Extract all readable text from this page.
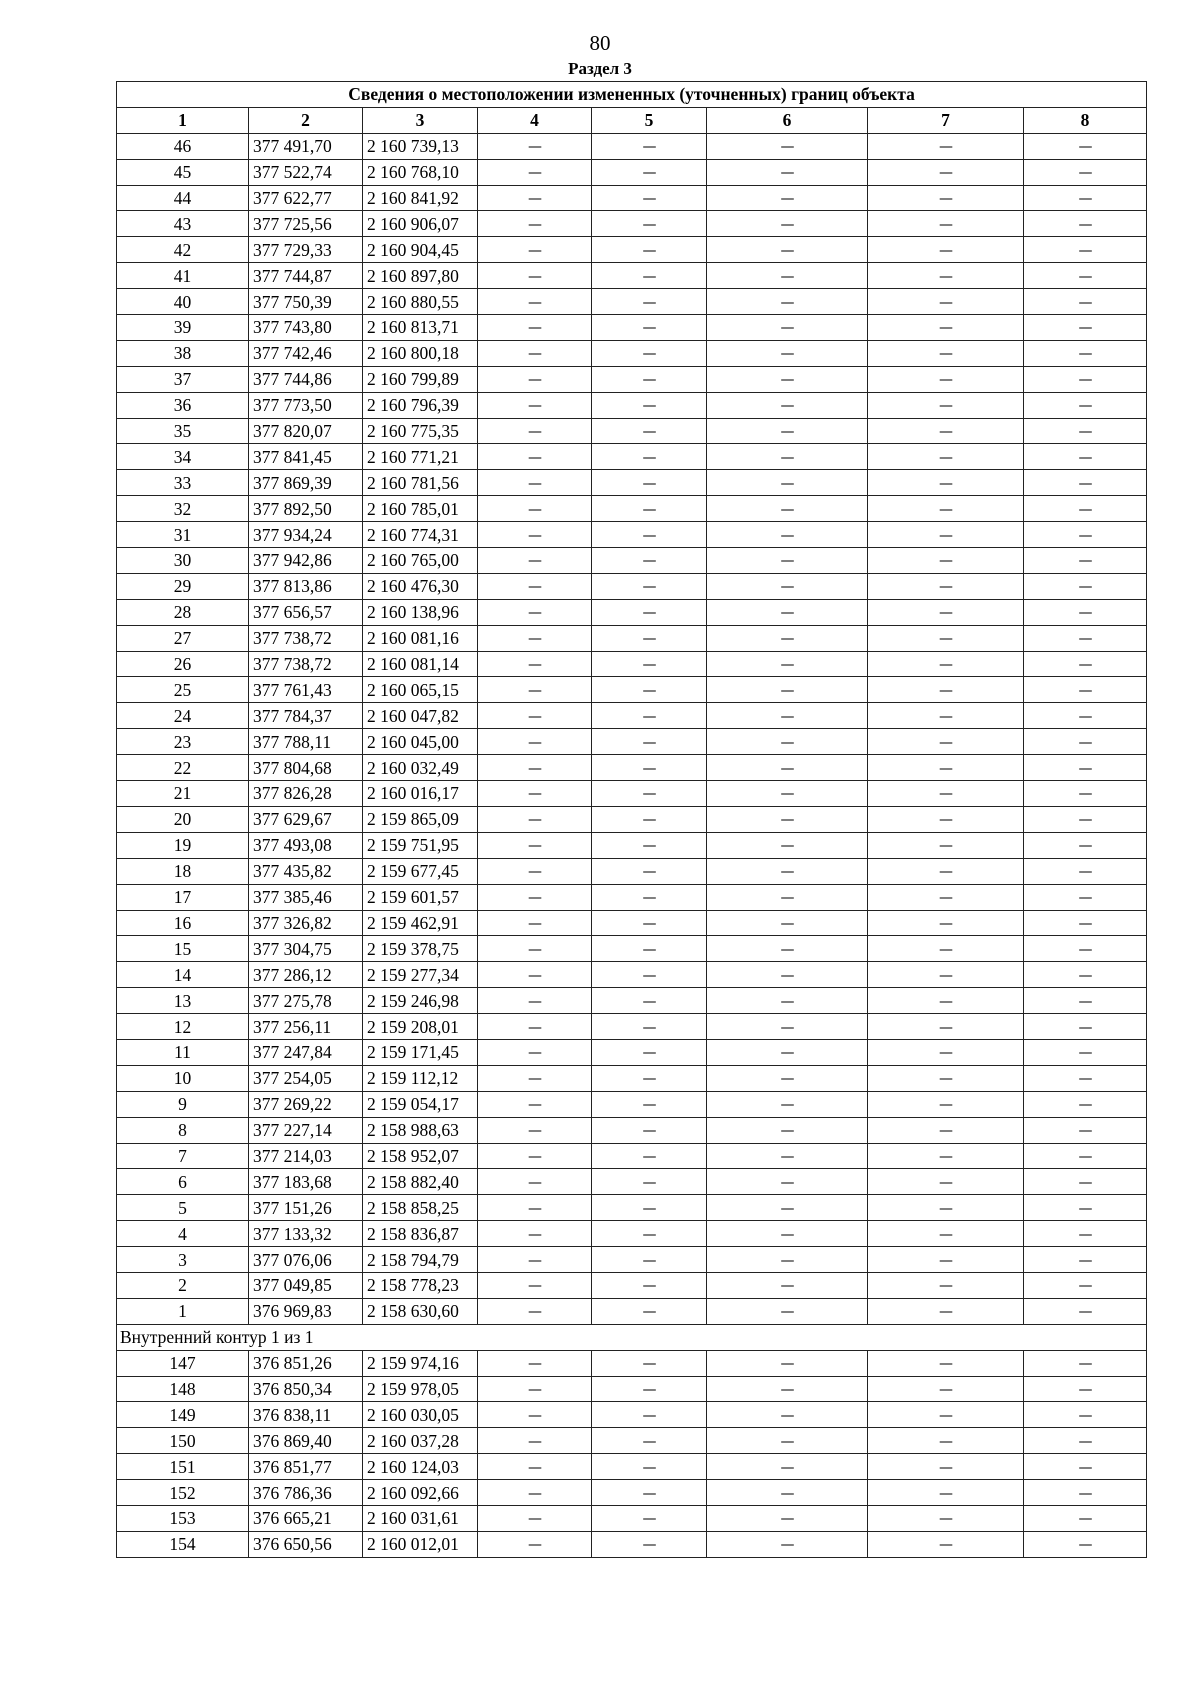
80
Раздел 3
Сведения о местоположении измененных (уточненных) границ объекта							
1	2	3	4	5	6	7	8
46	377 491,70	2 160 739,13	—	—	—	—	—
45	377 522,74	2 160 768,10	—	—	—	—	—
44	377 622,77	2 160 841,92	—	—	—	—	—
43	377 725,56	2 160 906,07	—	—	—	—	—
42	377 729,33	2 160 904,45	—	—	—	—	—
41	377 744,87	2 160 897,80	—	—	—	—	—
40	377 750,39	2 160 880,55	—	—	—	—	—
39	377 743,80	2 160 813,71	—	—	—	—	—
38	377 742,46	2 160 800,18	—	—	—	—	—
37	377 744,86	2 160 799,89	—	—	—	—	—
36	377 773,50	2 160 796,39	—	—	—	—	—
35	377 820,07	2 160 775,35	—	—	—	—	—
34	377 841,45	2 160 771,21	—	—	—	—	—
33	377 869,39	2 160 781,56	—	—	—	—	—
32	377 892,50	2 160 785,01	—	—	—	—	—
31	377 934,24	2 160 774,31	—	—	—	—	—
30	377 942,86	2 160 765,00	—	—	—	—	—
29	377 813,86	2 160 476,30	—	—	—	—	—
28	377 656,57	2 160 138,96	—	—	—	—	—
27	377 738,72	2 160 081,16	—	—	—	—	—
26	377 738,72	2 160 081,14	—	—	—	—	—
25	377 761,43	2 160 065,15	—	—	—	—	—
24	377 784,37	2 160 047,82	—	—	—	—	—
23	377 788,11	2 160 045,00	—	—	—	—	—
22	377 804,68	2 160 032,49	—	—	—	—	—
21	377 826,28	2 160 016,17	—	—	—	—	—
20	377 629,67	2 159 865,09	—	—	—	—	—
19	377 493,08	2 159 751,95	—	—	—	—	—
18	377 435,82	2 159 677,45	—	—	—	—	—
17	377 385,46	2 159 601,57	—	—	—	—	—
16	377 326,82	2 159 462,91	—	—	—	—	—
15	377 304,75	2 159 378,75	—	—	—	—	—
14	377 286,12	2 159 277,34	—	—	—	—	—
13	377 275,78	2 159 246,98	—	—	—	—	—
12	377 256,11	2 159 208,01	—	—	—	—	—
11	377 247,84	2 159 171,45	—	—	—	—	—
10	377 254,05	2 159 112,12	—	—	—	—	—
9	377 269,22	2 159 054,17	—	—	—	—	—
8	377 227,14	2 158 988,63	—	—	—	—	—
7	377 214,03	2 158 952,07	—	—	—	—	—
6	377 183,68	2 158 882,40	—	—	—	—	—
5	377 151,26	2 158 858,25	—	—	—	—	—
4	377 133,32	2 158 836,87	—	—	—	—	—
3	377 076,06	2 158 794,79	—	—	—	—	—
2	377 049,85	2 158 778,23	—	—	—	—	—
1	376 969,83	2 158 630,60	—	—	—	—	—
Внутренний контур 1 из 1							
147	376 851,26	2 159 974,16	—	—	—	—	—
148	376 850,34	2 159 978,05	—	—	—	—	—
149	376 838,11	2 160 030,05	—	—	—	—	—
150	376 869,40	2 160 037,28	—	—	—	—	—
151	376 851,77	2 160 124,03	—	—	—	—	—
152	376 786,36	2 160 092,66	—	—	—	—	—
153	376 665,21	2 160 031,61	—	—	—	—	—
154	376 650,56	2 160 012,01	—	—	—	—	—
